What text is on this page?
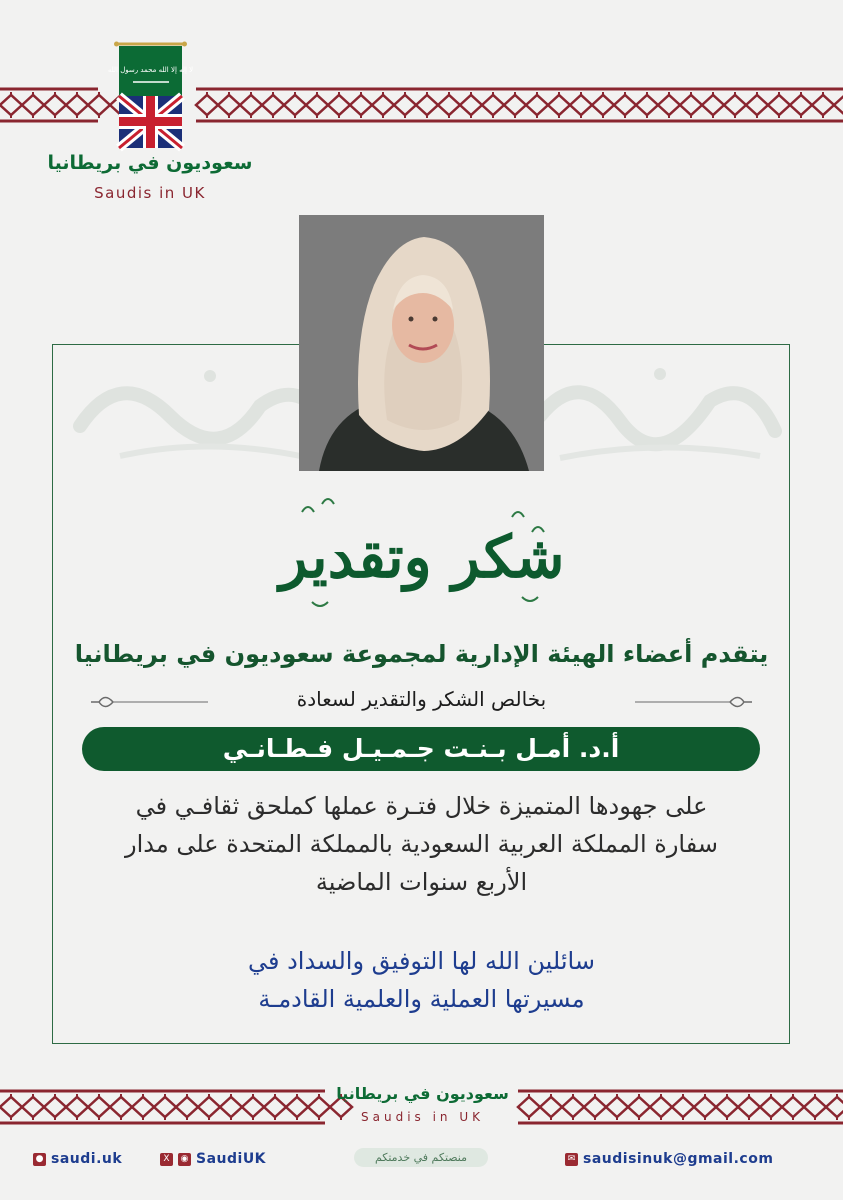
لا إله إلا الله محمد رسول الله
سعوديون في بريطانيا
Saudis in UK
شكر وتقدير
يتقدم أعضاء الهيئة الإدارية لمجموعة سعوديون في بريطانيا
بخالص الشكر والتقدير لسعادة
أ.د. أمـل بـنـت جـمـيـل فـطـانـي
على جهودها المتميزة خلال فتـرة عملها كملحق ثقافـي في
سفارة المملكة العربية السعودية بالمملكة المتحدة على مدار
الأربع سنوات الماضية
سائلين الله لها التوفيق والسداد في
مسيرتها العملية والعلمية القادمـة
سعوديون في بريطانيا
Saudis in UK
منصتكم في خدمتكم
● saudi.uk	X	◉ SaudiUK	✉ saudisinuk@gmail.com
